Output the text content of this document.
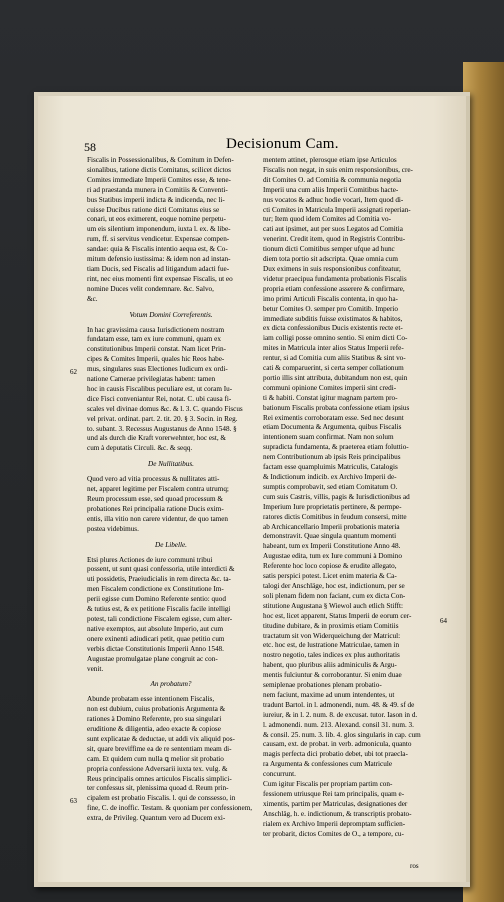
58	Decisionum Cam.
Fiscalis in Possessionalibus, & Comitum in Defen-
sionalibus, tatione dictis Comitatus, scilicet dictos
Comites immediate Imperii Comites esse, & tene-
ri ad praestanda munera in Comitiis & Conventi-
bus Statibus imperii indicta & indicenda, nec li-
cuisse Ducibus ratione dicti Comitatus eius se
conari, ut eos eximerent, eoque nomine perpetu-
um eis silentium imponendum, iuxta l. ex. & libe-
rum, ff. si servitus vendicetur. Expensae compen-
sandae: quia & Fiscalis intentio aequa est, & Co-
mitum defensio iustissima: & idem non ad instan-
tiam Ducis, sed Fiscalis ad litigandum adacti fue-
rint, nec eius momenti fint expensae Fiscalis, ut eo
nomine Duces velit condemnare. &c. Salvo,
&c.
Votum Domini Correferentis.
In hac gravissima causa Iurisdictionem nostram
fundatam esse, tam ex iure communi, quam ex
constitutionibus Imperii constat. Nam licet Prin-
cipes & Comites Imperii, quales hic Reos habe-
mus, singulares suas Electiones Iudicum ex ordi-
natione Camerae privilegiatas habent: tamen
hoc in causis Fiscalibus peculiare est, ut coram Iu-
dice Fisci conveniantur Rei, notat. C. ubi causa fi-
scales vel divinae domus &c. & l. 3. C. quando Fiscus
vel privat. ordinat. part. 2. tit. 20. § 3. Socin. in Reg.
to. subant. 3. Recessus Augustanus de Anno 1548. §
und als durch die Kraft vorerwehnter, hoc est, &
cum à deputatis Circuli. &c. & seqq.
De Nullitatibus.
Quod vero ad vitia processus & nullitates atti-
net, apparet legitime per Fiscalem contra utrumq;
Reum processum esse, sed quoad processum &
probationes Rei principalia ratione Ducis exim-
entis, illa vitio non carere videntur, de quo tamen
postea videbimus.
De Libelle.
Etsi plures Actiones de iure communi tribui
possent, ut sunt quasi confessoria, utile interdicti &
uti possidetis, Praeiudicialis in rem directa &c. ta-
men Fiscalem condictione ex Constitutione Im-
perii egisse cum Domino Referente sentio: quod
& tutius est, & ex petitione Fiscalis facile intelligi
potest, tali condictione Fiscalem egisse, cum alter-
native exemptos, aut absolute Imperio, aut cum
onere exinenti adiudicari petit, quae petitio cum
verbis dictae Constitutionis Imperii Anno 1548.
Augustae promulgatae plane congruit ac con-
venit.
An probatum?
Abunde probatam esse intentionem Fiscalis,
non est dubium, cuius probationis Argumenta &
rationes à Domino Referente, pro sua singulari
eruditione & diligentia, adeo exacte & copiose
sunt explicatae & deductae, ut addi vix aliquid pos-
sit, quare breviffime ea de re sententiam meam di-
cam. Et quidem cum nulla ꝗ melior sit probatio
propria confessione Adversarii iuxta tex. vulg. &
Reus principalis omnes articulos Fiscalis simplici-
ter confessus sit, plenissima quoad d. Reum prin-
cipalem est probatio Fiscalis. l. qui de conssesso, in
fine, C. de inoffic. Testam. & quoniam per confessionem,
extra, de Privileg. Quantum vero ad Ducem exi-
mentem attinet, plerosque etiam ipse Articulos
Fiscalis non negat, in suis enim responsionibus, cre-
dit Comites O. ad Comitia & communia negotia
Imperii una cum aliis Imperii Comitibus hacte-
nus vocatos & adhuc hodie vocari, Item quod di-
cti Comites in Matricula Imperii assignati reperian-
tur; Item quod idem Comites ad Comitia vo-
cati aut ipsimet, aut per suos Legatos ad Comitia
venerint. Credit item, quod in Registris Contribu-
tionum dicti Comitibus semper ufque ad hunc
diem tota portio sit adscripta. Quae omnia cum
Dux eximens in suis responsionibus confiteatur,
videtur praecipua fundamenta probationis Fiscalis
propria etiam confessione asserere & confirmare,
imo primi Articuli Fiscalis contenta, in quo ha-
betur Comites O. semper pro Comitib. Imperio
immediate subditis fuisse existimatos & habitos,
ex dicta confessionibus Ducis existentis recte et-
iam colligi posse omnino sentio. Si enim dicti Co-
mites in Matricula inter alios Status Imperii refe-
rentur, si ad Comitia cum aliis Statibus & sint vo-
cati & comparuerint, si certa semper collationum
portio illis sint attributa, dubitandum non est, quin
communi opinione Comites imperii sint credi-
ti & habiti. Constat igitur magnam partem pro-
bationum Fiscalis probata confessione etiam ipsius
Rei eximentis corroboratam esse. Sed nec desunt
etiam Documenta & Argumenta, quibus Fiscalis
intentionem suam confirmat. Nam non solum
supradicta fundamenta, & praeterea etiam foluttio-
nem Contributionum ab ipsis Reis principalibus
factam esse quampluimis Matriculis, Catalogis
& Indictionum indicib. ex Archivo Imperii de-
sumptis comprobavit, sed etiam Comitatum O.
cum suis Castris, villis, pagis & Iurisdictionibus ad
Imperium Iure proprietatis pertinere, & permpe-
ratores dictis Comitibus in feudum consersi, mitte
ab Archicancellario Imperii probationis materia
demonstravit. Quae singula quantum momenti
habeant, tum ex Imperii Constitutione Anno 48.
Augustae edita, tum ex Iure communi à Domino
Referente hoc loco copiose & erudite allegato,
satis perspici potest. Licet enim materia & Ca-
talogi der Anschläge, hoc est, indictionum, per se
soli plenam fidem non faciant, cum ex dicta Con-
stitutione Augustana § Wiewol auch etlich Stifft:
hoc est, licet apparent, Status Imperii de eorum cer-
titudine dubitare, & in proximis etiam Comitiis
tractatum sit von Widerqueichung der Matricul:
etc. hoc est, de lustratione Matriculae, tamen in
nostro negotio, tales indices ex plus authoritatis
habent, quo pluribus aliis adminiculis & Argu-
mentis fulciuntur & corroborantur. Si enim duae
semiplenae probationes plenam probatio-
nem faciunt, maxime ad unum intendentes, ut
tradunt Bartol. in l. admonendi, num. 48. & 49. sf de
iureiur, & in l. 2. num. 8. de excusat. tutor. Iason in d.
l. admonendi. num. 213. Alexand. consil 31. num. 3.
& consil. 25. num. 3. lib. 4. glos singularis in cap. cum
causam, ext. de probat. in verb. admonicula, quanto
magis perfecta dici probatio debet, ubi tot praecla-
ra Argumenta & confessiones cum Matricule
concurrunt.
Cum igitur Fiscalis per propriam partim con-
fessionem utriusque Rei tam principalis, quam e-
ximentis, partim per Matriculas, designationes der
Anschläg, h. e. indictionum, & transcriptis probato-
rialem ex Archivo Imperii depromptam sufficien-
ter probarit, dictos Comites de O., a tempore, cu-
62
63
64
ros
